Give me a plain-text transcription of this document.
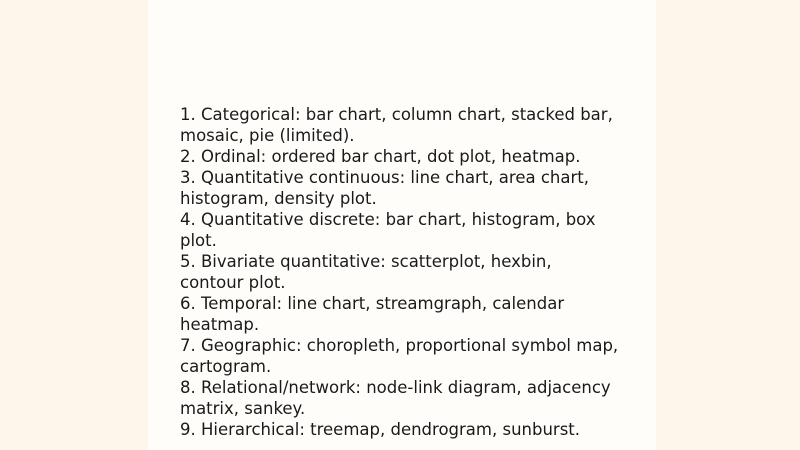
1. Categorical: bar chart, column chart, stacked bar, mosaic, pie (limited).
2. Ordinal: ordered bar chart, dot plot, heatmap.
3. Quantitative continuous: line chart, area chart, histogram, density plot.
4. Quantitative discrete: bar chart, histogram, box plot.
5. Bivariate quantitative: scatterplot, hexbin, contour plot.
6. Temporal: line chart, streamgraph, calendar heatmap.
7. Geographic: choropleth, proportional symbol map, cartogram.
8. Relational/network: node-link diagram, adjacency matrix, sankey.
9. Hierarchical: treemap, dendrogram, sunburst.
